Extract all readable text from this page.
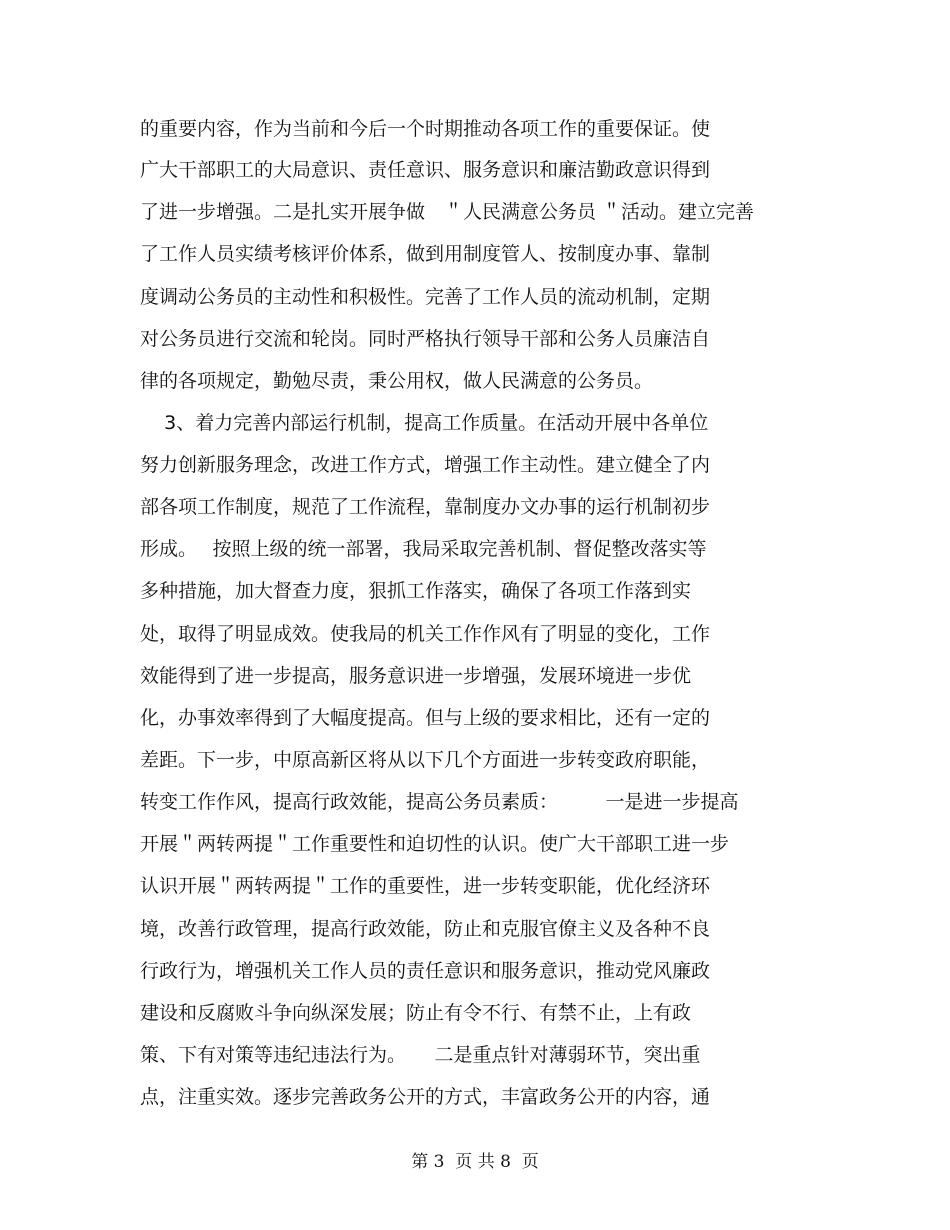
的重要内容，作为当前和今后一个时期推动各项工作的重要保证。使
广大干部职工的大局意识、责任意识、服务意识和廉洁勤政意识得到
了进一步增强。二是扎实开展争做　＂人民满意公务员 ＂活动。建立完善
了工作人员实绩考核评价体系，做到用制度管人、按制度办事、靠制
度调动公务员的主动性和积极性。完善了工作人员的流动机制，定期
对公务员进行交流和轮岗。同时严格执行领导干部和公务人员廉洁自
律的各项规定，勤勉尽责，秉公用权，做人民满意的公务员。
3、着力完善内部运行机制，提高工作质量。在活动开展中各单位
努力创新服务理念，改进工作方式，增强工作主动性。建立健全了内
部各项工作制度，规范了工作流程，靠制度办文办事的运行机制初步
形成。　 按照上级的统一部署，我局采取完善机制、督促整改落实等
多种措施，加大督查力度，狠抓工作落实，确保了各项工作落到实
处，取得了明显成效。使我局的机关工作作风有了明显的变化，工作
效能得到了进一步提高，服务意识进一步增强，发展环境进一步优
化，办事效率得到了大幅度提高。但与上级的要求相比，还有一定的
差距。下一步，中原高新区将从以下几个方面进一步转变政府职能，
转变工作作风，提高行政效能，提高公务员素质：　　　一是进一步提高
开展＂两转两提＂工作重要性和迫切性的认识。使广大干部职工进一步
认识开展＂两转两提＂工作的重要性，进一步转变职能，优化经济环
境，改善行政管理，提高行政效能，防止和克服官僚主义及各种不良
行政行为，增强机关工作人员的责任意识和服务意识，推动党风廉政
建设和反腐败斗争向纵深发展；防止有令不行、有禁不止，上有政
策、下有对策等违纪违法行为。　　二是重点针对薄弱环节，突出重
点，注重实效。逐步完善政务公开的方式，丰富政务公开的内容，通
第 3  页 共 8  页
